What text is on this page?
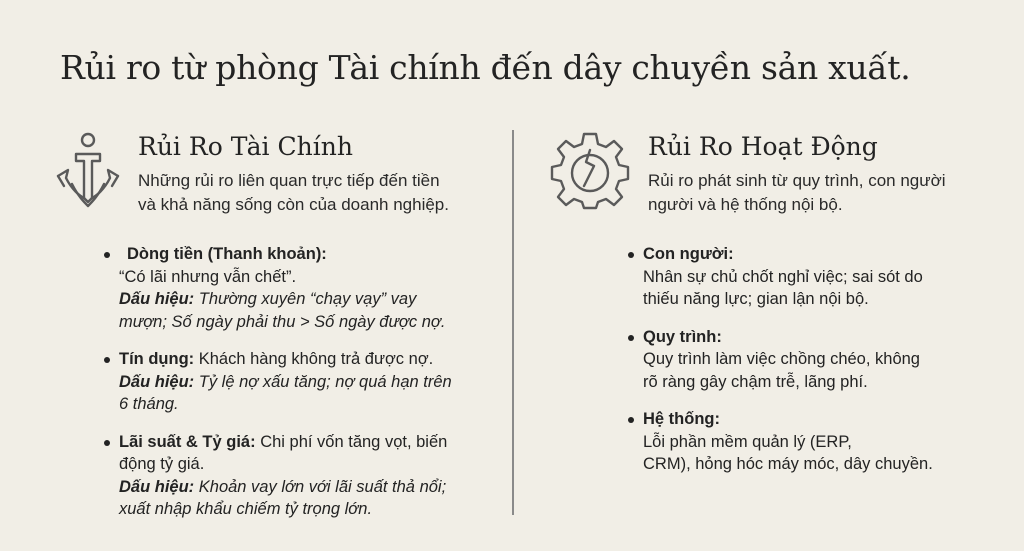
Rủi ro từ phòng Tài chính đến dây chuyền sản xuất.
Rủi Ro Tài Chính

Những rủi ro liên quan trực tiếp đến tiền
và khả năng sống còn của doanh nghiệp.

Dòng tiền (Thanh khoản):
“Có lãi nhưng vẫn chết”.
Dấu hiệu: Thường xuyên “chạy vạy” vay
mượn; Số ngày phải thu > Số ngày được nợ.
Tín dụng: Khách hàng không trả được nợ.
Dấu hiệu: Tỷ lệ nợ xấu tăng; nợ quá hạn trên
6 tháng.
Lãi suất & Tỷ giá: Chi phí vốn tăng vọt, biến
động tỷ giá.
Dấu hiệu: Khoản vay lớn với lãi suất thả nổi;
xuất nhập khẩu chiếm tỷ trọng lớn.
Rủi Ro Hoạt Động

Rủi ro phát sinh từ quy trình, con người
người và hệ thống nội bộ.

Con người:
Nhân sự chủ chốt nghỉ việc; sai sót do
thiếu năng lực; gian lận nội bộ.
Quy trình:
Quy trình làm việc chồng chéo, không
rõ ràng gây chậm trễ, lãng phí.
Hệ thống:
Lỗi phần mềm quản lý (ERP,
CRM), hỏng hóc máy móc, dây chuyền.
